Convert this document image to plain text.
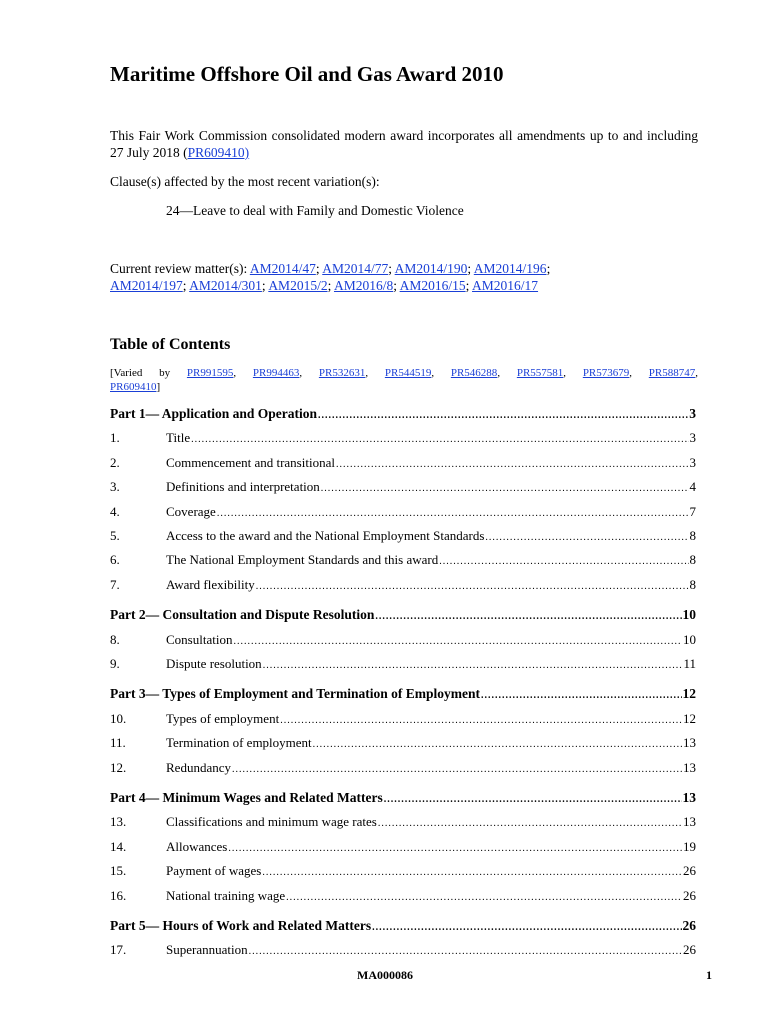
Maritime Offshore Oil and Gas Award 2010
This Fair Work Commission consolidated modern award incorporates all amendments up to and including 27 July 2018 (PR609410)
Clause(s) affected by the most recent variation(s):
24—Leave to deal with Family and Domestic Violence
Current review matter(s): AM2014/47; AM2014/77; AM2014/190; AM2014/196;
AM2014/197; AM2014/301; AM2015/2; AM2016/8; AM2016/15; AM2016/17
Table of Contents
[Varied by PR991595, PR994463, PR532631, PR544519, PR546288, PR557581, PR573679, PR588747,
PR609410]
Part 1— Application and Operation .....	3
1.	Title .....	3
2.	Commencement and transitional .....	3
3.	Definitions and interpretation .....	4
4.	Coverage .....	7
5.	Access to the award and the National Employment Standards .....	8
6.	The National Employment Standards and this award .....	8
7.	Award flexibility .....	8
Part 2— Consultation and Dispute Resolution .....	10
8.	Consultation .....	10
9.	Dispute resolution .....	11
Part 3— Types of Employment and Termination of Employment .....	12
10.	Types of employment .....	12
11.	Termination of employment .....	13
12.	Redundancy .....	13
Part 4— Minimum Wages and Related Matters .....	13
13.	Classifications and minimum wage rates .....	13
14.	Allowances .....	19
15.	Payment of wages .....	26
16.	National training wage .....	26
Part 5— Hours of Work and Related Matters .....	26
17.	Superannuation .....	26
MA000086	1
